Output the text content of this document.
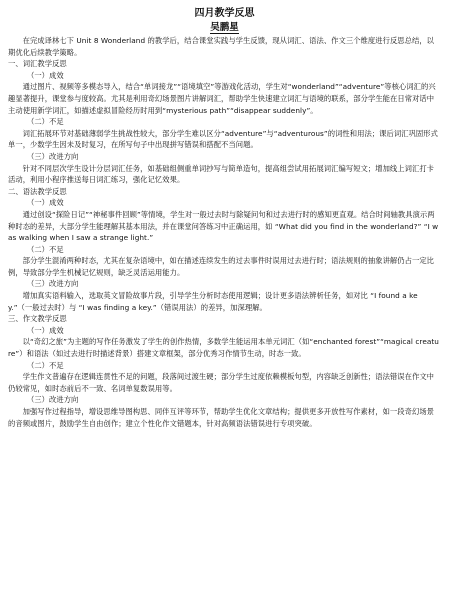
四月教学反思
吴鹏星

在完成译林七下 Unit 8 Wonderland 的教学后，结合课堂实践与学生反馈，现从词汇、语法、作文三个维度进行反思总结，以期优化后续教学策略。

一、词汇教学反思

（一）成效

通过图片、视频等多模态导入，结合“单词接龙”“语境填空”等游戏化活动，学生对“wonderland”“adventure”等核心词汇的兴趣显著提升，课堂参与度较高。尤其是利用奇幻场景图片讲解词汇，帮助学生快速建立词汇与语境的联系，部分学生能在日常对话中主动使用新学词汇，如描述虚拟冒险经历时用到“mysterious path”“disappear suddenly”。

（二）不足

词汇拓展环节对基础薄弱学生挑战性较大，部分学生难以区分“adventure”与“adventurous”的词性和用法；课后词汇巩固形式单一，少数学生因未及时复习，在所写句子中出现拼写错误和搭配不当问题。

（三）改进方向

针对不同层次学生设计分层词汇任务，如基础组侧重单词抄写与简单造句，提高组尝试用拓展词汇编写短文；增加线上词汇打卡活动，利用小程序推送每日词汇练习，强化记忆效果。

二、语法教学反思

（一）成效

通过创设“探险日记”“神秘事件回顾”等情境，学生对一般过去时与除疑问句和过去进行时的感知更直观。结合时间轴教具演示两种时态的差异，大部分学生能理解其基本用法，并在课堂问答练习中正确运用，如 “What did you find in the wonderland?” “I was walking when I saw a strange light.”

（二）不足

部分学生混淆两种时态，尤其在复杂语境中，如在描述连续发生的过去事件时误用过去进行时；语法规则的抽象讲解仍占一定比例，导致部分学生机械记忆规则，缺乏灵活运用能力。

（三）改进方向

增加真实语料输入，选取英文冒险故事片段，引导学生分析时态使用逻辑；设计更多语法辨析任务，如对比 “I found a key.”（一般过去时）与 “I was finding a key.”（错误用法）的差异，加深理解。

三、作文教学反思

（一）成效

以“奇幻之旅”为主题的写作任务激发了学生的创作热情，多数学生能运用本单元词汇（如“enchanted forest”“magical creature”）和语法（如过去进行时描述背景）搭建文章框架，部分优秀习作情节生动，时态一致。

（二）不足

学生作文普遍存在逻辑连贯性不足的问题，段落间过渡生硬；部分学生过度依赖模板句型，内容缺乏创新性；语法错误在作文中仍较常见，如时态前后不一致、名词单复数误用等。

（三）改进方向

加强写作过程指导，增设思维导图构思、同伴互评等环节，帮助学生优化文章结构；提供更多开放性写作素材，如一段奇幻场景的音频或图片，鼓励学生自由创作；建立个性化作文错题本，针对高频语法错误进行专项突破。
